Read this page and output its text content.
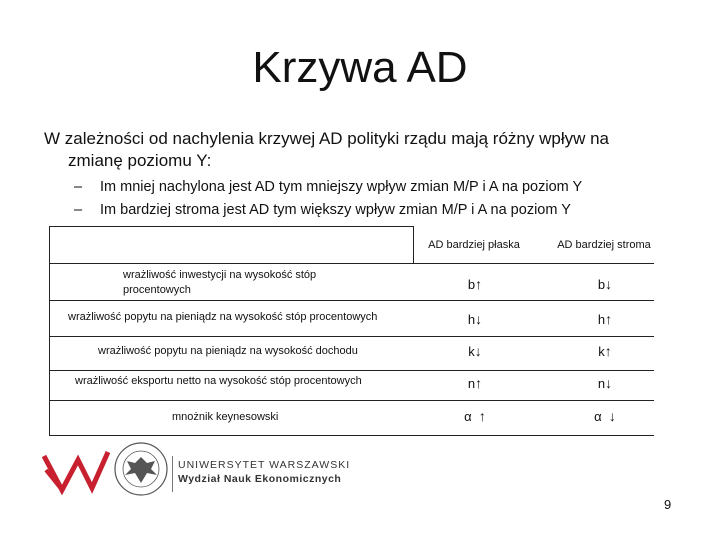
Krzywa AD
W zależności od nachylenia krzywej AD polityki rządu mają różny wpływ na
zmianę poziomu Y:
– Im mniej nachylona jest AD tym mniejszy wpływ zmian M/P i A na poziom Y
– Im bardziej stroma jest AD tym większy wpływ zmian M/P i A na poziom Y
AD bardziej płaska	AD bardziej stroma
wrażliwość inwestycji na wysokość stóp
procentowych
wrażliwość popytu na pieniądz na wysokość stóp procentowych
wrażliwość popytu na pieniądz na wysokość dochodu
wrażliwość eksportu netto na wysokość stóp procentowych
mnożnik keynesowski
b↑
h↓
k↓
n↑
α ↑
b↓
h↑
k↑
n↓
α ↓
UNIWERSYTET WARSZAWSKI
Wydział Nauk Ekonomicznych
9
